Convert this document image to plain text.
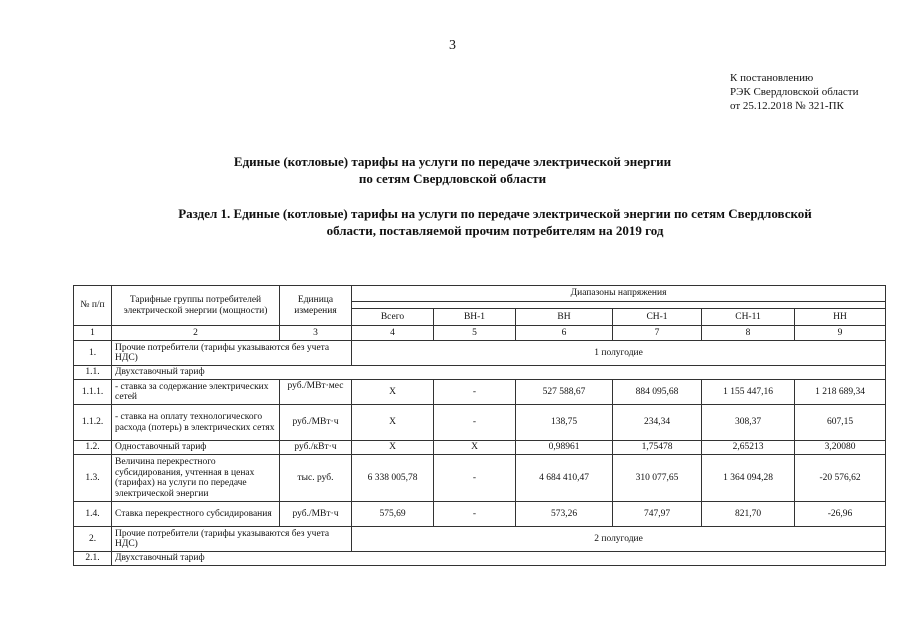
3
К постановлению
РЭК Свердловской области
от 25.12.2018 № 321-ПК
Единые (котловые) тарифы на услуги по передаче электрической энергии
по сетям Свердловской области
Раздел 1. Единые (котловые) тарифы на услуги по передаче электрической энергии по сетям Свердловской
области, поставляемой прочим потребителям на 2019 год
№ п/п	Тарифные группы потребителей электрической энергии (мощности)	Единица измерения	Диапазоны напряжения					

			Всего	ВН-1	ВН	СН-1	СН-11	НН
1	2	3	4	5	6	7	8	9
1.	Прочие потребители (тарифы указываются без учета НДС)		1 полугодие					
1.1.	Двухставочный тариф							
1.1.1.	- ставка за содержание электрических сетей	руб./МВт·мес	Х	-	527 588,67	884 095,68	1 155 447,16	1 218 689,34
1.1.2.	- ставка на оплату технологического расхода (потерь) в электрических сетях	руб./МВт·ч	Х	-	138,75	234,34	308,37	607,15
1.2.	Одноставочный тариф	руб./кВт·ч	Х	Х	0,98961	1,75478	2,65213	3,20080
1.3.	Величина перекрестного субсидирования, учтенная в ценах (тарифах) на услуги по передаче электрической энергии	тыс. руб.	6 338 005,78	-	4 684 410,47	310 077,65	1 364 094,28	-20 576,62
1.4.	Ставка перекрестного субсидирования	руб./МВт·ч	575,69	-	573,26	747,97	821,70	-26,96
2.	Прочие потребители (тарифы указываются без учета НДС)		2 полугодие					
2.1.	Двухставочный тариф							
